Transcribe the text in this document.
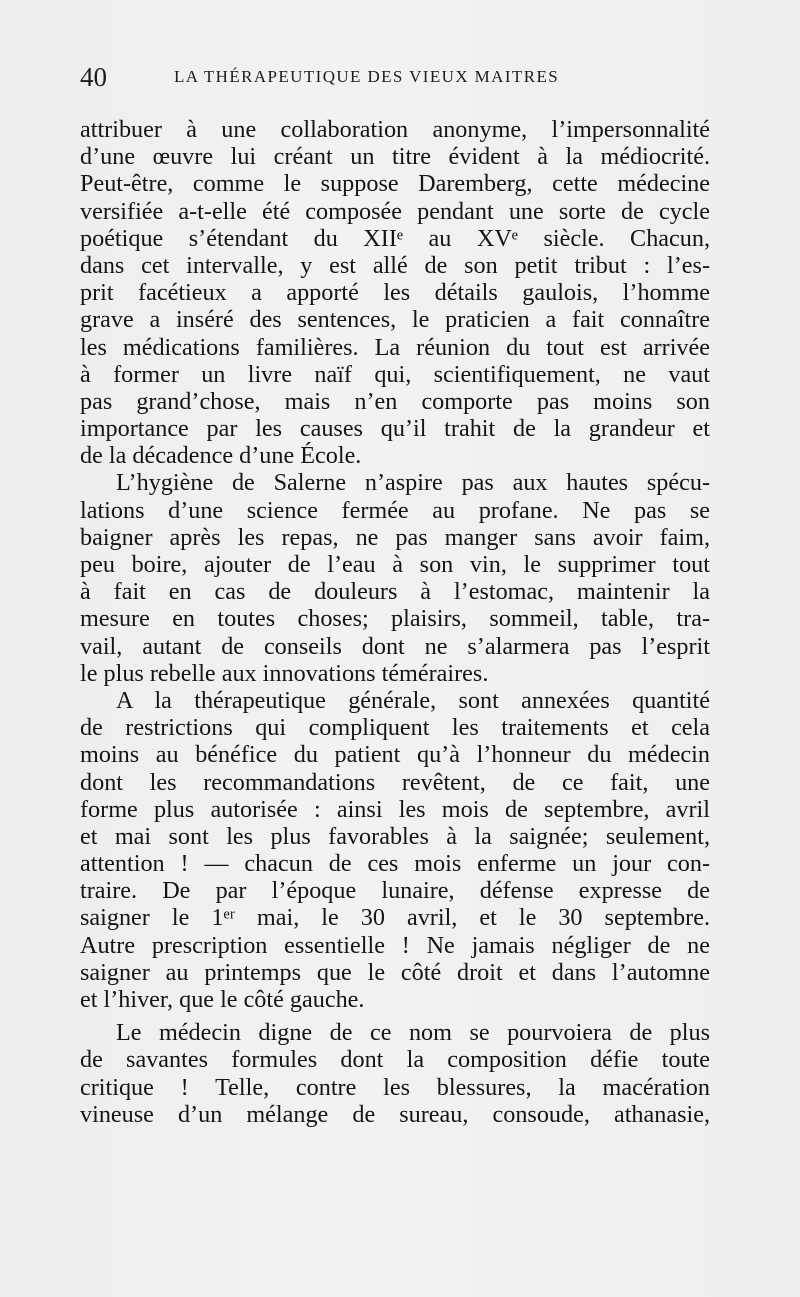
40	LA THÉRAPEUTIQUE DES VIEUX MAITRES
attribuer à une collaboration anonyme, l’impersonnalité
d’une œuvre lui créant un titre évident à la médiocrité.
Peut-être, comme le suppose Daremberg, cette médecine
versifiée a-t-elle été composée pendant une sorte de cycle
poétique s’étendant du XIIᵉ au XVᵉ siècle. Chacun,
dans cet intervalle, y est allé de son petit tribut : l’es-
prit facétieux a apporté les détails gaulois, l’homme
grave a inséré des sentences, le praticien a fait connaître
les médications familières. La réunion du tout est arrivée
à former un livre naïf qui, scientifiquement, ne vaut
pas grand’chose, mais n’en comporte pas moins son
importance par les causes qu’il trahit de la grandeur et
de la décadence d’une École.
L’hygiène de Salerne n’aspire pas aux hautes spécu-
lations d’une science fermée au profane. Ne pas se
baigner après les repas, ne pas manger sans avoir faim,
peu boire, ajouter de l’eau à son vin, le supprimer tout
à fait en cas de douleurs à l’estomac, maintenir la
mesure en toutes choses; plaisirs, sommeil, table, tra-
vail, autant de conseils dont ne s’alarmera pas l’esprit
le plus rebelle aux innovations téméraires.
A la thérapeutique générale, sont annexées quantité
de restrictions qui compliquent les traitements et cela
moins au bénéfice du patient qu’à l’honneur du médecin
dont les recommandations revêtent, de ce fait, une
forme plus autorisée : ainsi les mois de septembre, avril
et mai sont les plus favorables à la saignée; seulement,
attention ! — chacun de ces mois enferme un jour con-
traire. De par l’époque lunaire, défense expresse de
saigner le 1ᵉʳ mai, le 30 avril, et le 30 septembre.
Autre prescription essentielle ! Ne jamais négliger de ne
saigner au printemps que le côté droit et dans l’automne
et l’hiver, que le côté gauche.
Le médecin digne de ce nom se pourvoiera de plus
de savantes formules dont la composition défie toute
critique ! Telle, contre les blessures, la macération
vineuse d’un mélange de sureau, consoude, athanasie,
